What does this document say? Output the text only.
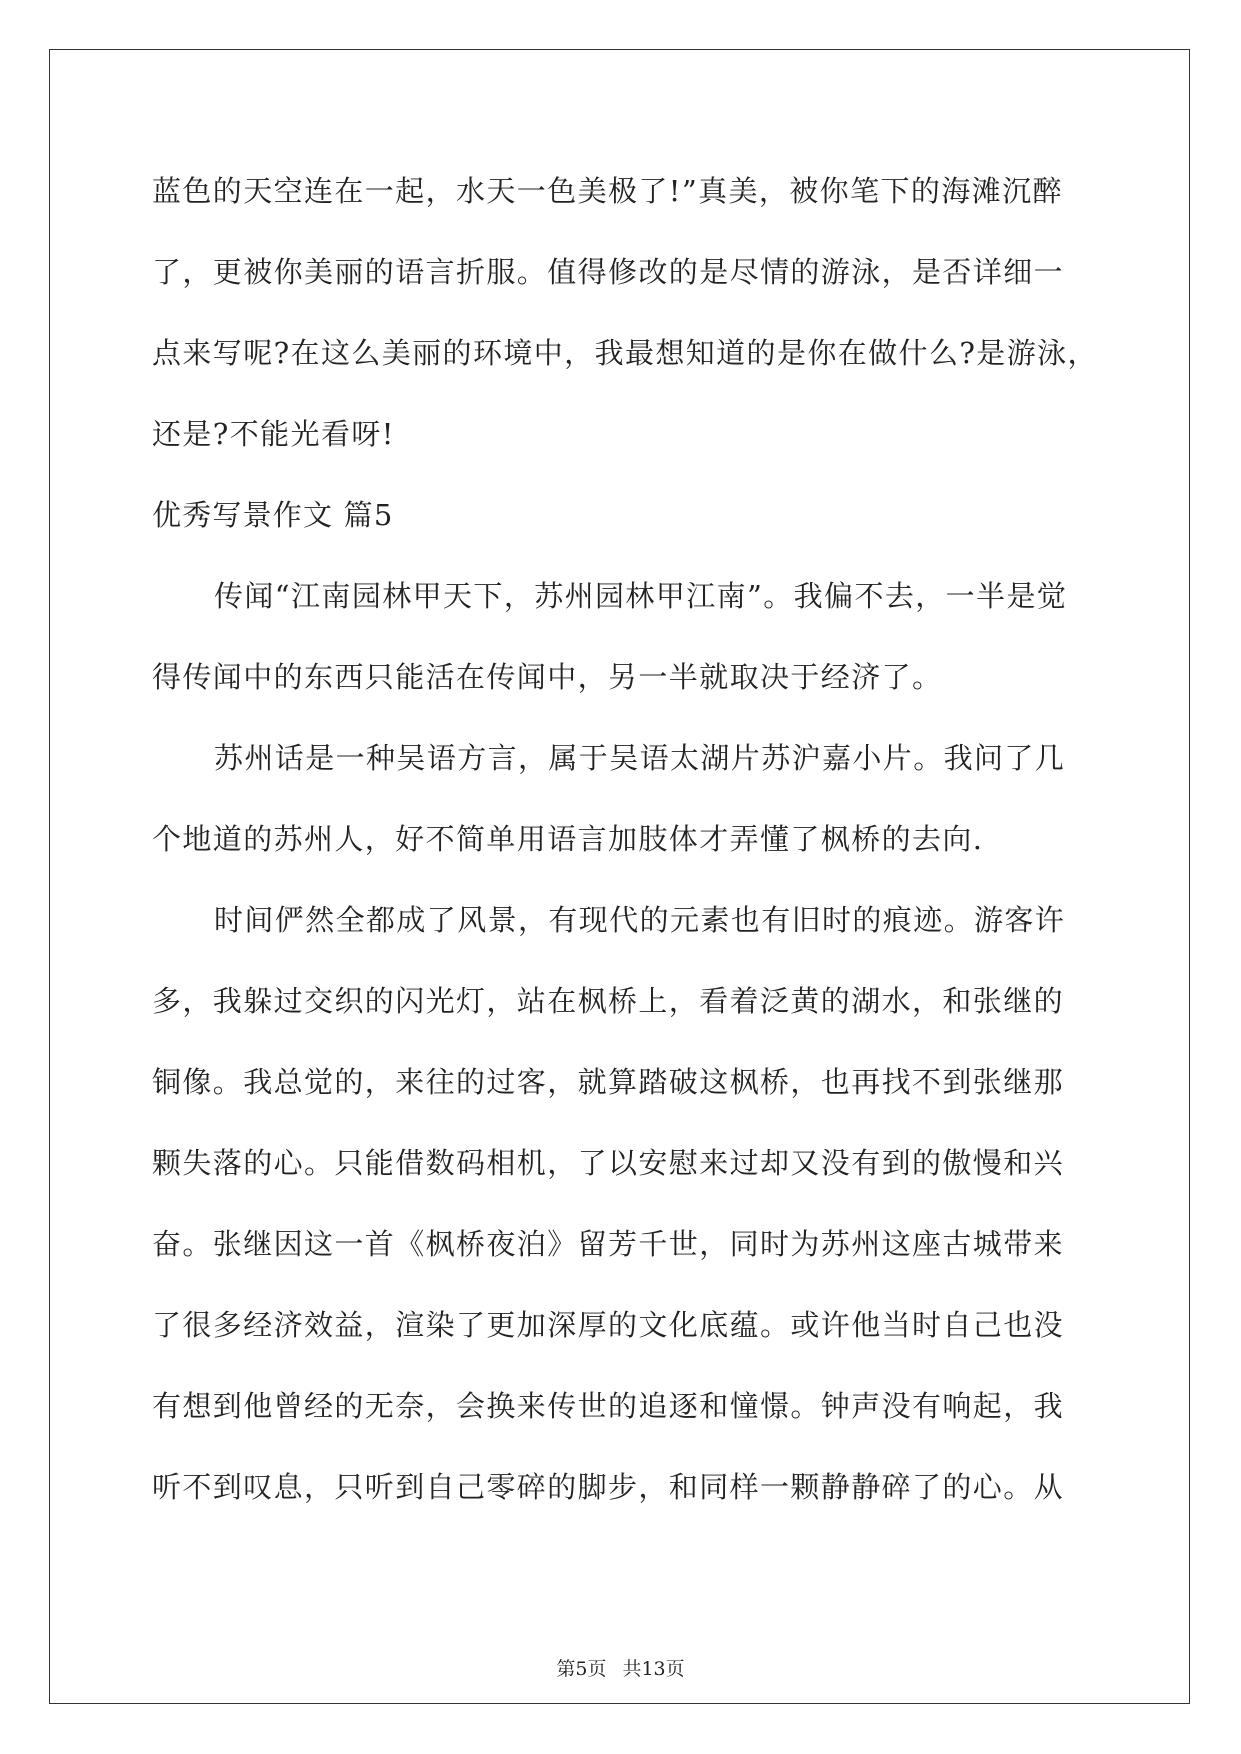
蓝色的天空连在一起，水天一色美极了!”真美，被你笔下的海滩沉醉
了，更被你美丽的语言折服。值得修改的是尽情的游泳，是否详细一
点来写呢?在这么美丽的环境中，我最想知道的是你在做什么?是游泳，
还是?不能光看呀!
优秀写景作文 篇5
传闻“江南园林甲天下，苏州园林甲江南”。我偏不去，一半是觉
得传闻中的东西只能活在传闻中，另一半就取决于经济了。
苏州话是一种吴语方言，属于吴语太湖片苏沪嘉小片。我问了几
个地道的苏州人，好不简单用语言加肢体才弄懂了枫桥的去向.
时间俨然全都成了风景，有现代的元素也有旧时的痕迹。游客许
多，我躲过交织的闪光灯，站在枫桥上，看着泛黄的湖水，和张继的
铜像。我总觉的，来往的过客，就算踏破这枫桥，也再找不到张继那
颗失落的心。只能借数码相机，了以安慰来过却又没有到的傲慢和兴
奋。张继因这一首《枫桥夜泊》留芳千世，同时为苏州这座古城带来
了很多经济效益，渲染了更加深厚的文化底蕴。或许他当时自己也没
有想到他曾经的无奈，会换来传世的追逐和憧憬。钟声没有响起，我
听不到叹息，只听到自己零碎的脚步，和同样一颗静静碎了的心。从
第5页 共13页
